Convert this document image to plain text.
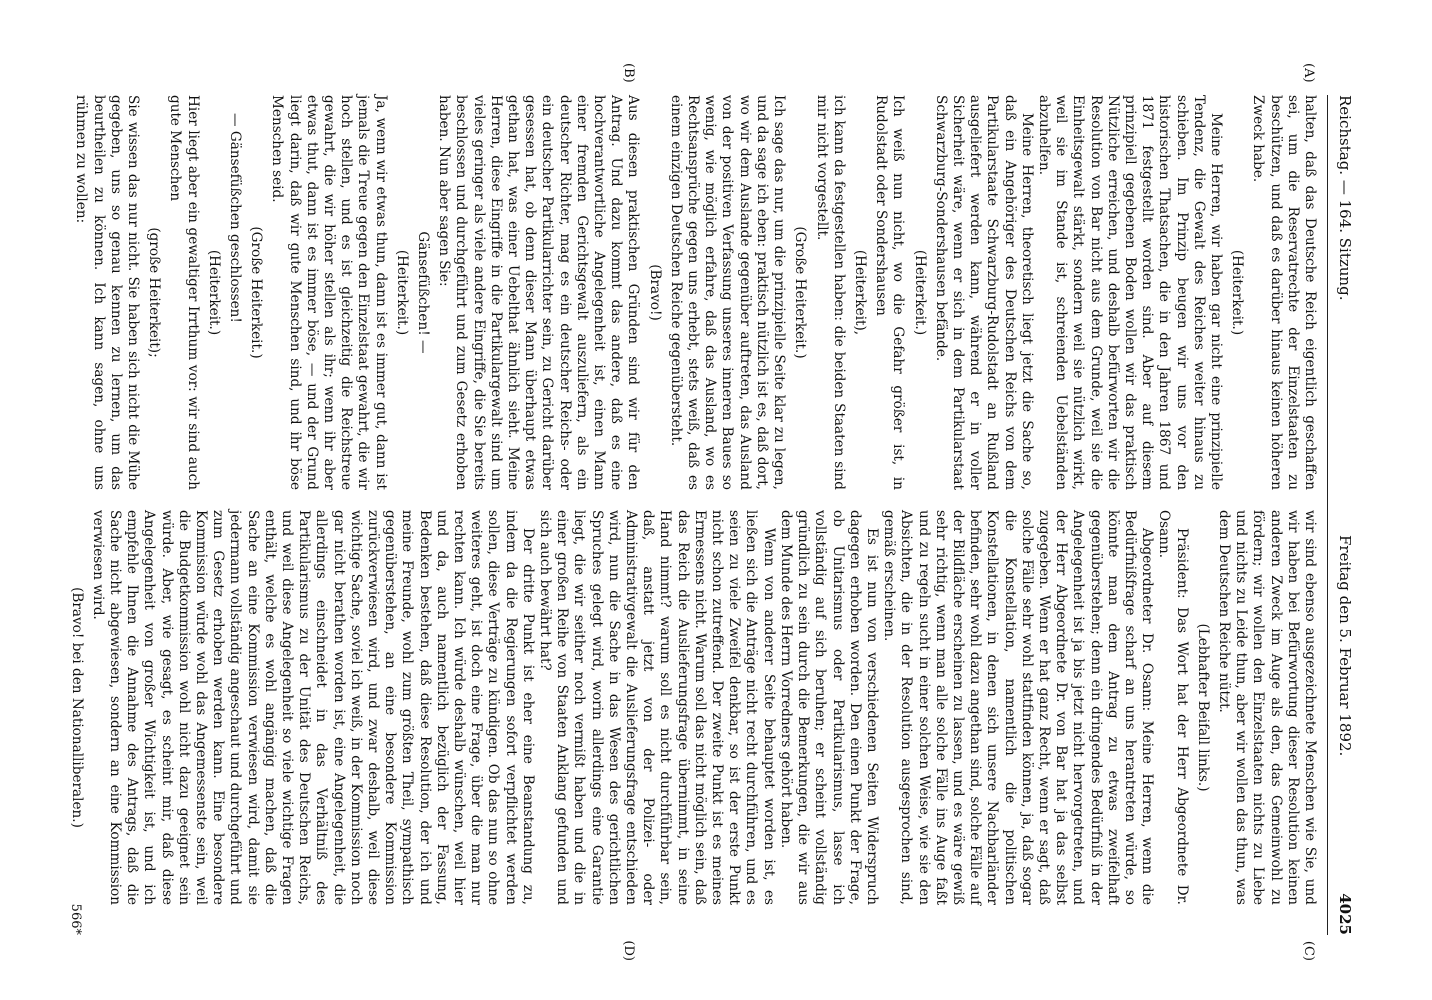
Reichstag. — 164. Sitzung.
Freitag den 5. Februar 1892.
4025
(A)
(B)
(C)
(D)

halten, daß das Deutsche Reich eigentlich geschaffen sei, um die Reservatrechte der Einzelstaaten zu beschützen, und daß es darüber hinaus keinen höheren Zweck habe.

(Heiterkeit.)

Meine Herren, wir haben gar nicht eine prinzipielle Tendenz, die Gewalt des Reiches weiter hinaus zu schieben. Im Prinzip beugen wir uns vor den historischen Thatsachen, die in den Jahren 1867 und 1871 festgestellt worden sind. Aber auf diesem prinzipiell gegebenen Boden wollen wir das praktisch Nützliche erreichen, und deshalb befürworten wir die Resolution von Bar nicht aus dem Grunde, weil sie die Einheitsgewalt stärkt, sondern weil sie nützlich wirkt, weil sie im Stande ist, schreienden Uebelständen abzuhelfen.

Meine Herren, theoretisch liegt jetzt die Sache so, daß ein Angehöriger des Deutschen Reichs von dem Partikularstaate Schwarzburg-Rudolstadt an Rußland ausgeliefert werden kann, während er in voller Sicherheit wäre, wenn er sich in dem Partikularstaat Schwarzburg-Sondershausen befände.

(Heiterkeit.)

Ich weiß nun nicht, wo die Gefahr größer ist, in Rudolstadt oder Sondershausen

(Heiterkeit),

ich kann da festgestellen haben: die beiden Staaten sind mir nicht vorgestellt.

(Große Heiterkeit.)

Ich sage das nur, um die prinzipielle Seite klar zu legen, und da sage ich eben: praktisch nützlich ist es, daß dort, wo wir dem Auslande gegenüber auftreten, das Ausland von der positiven Verfassung unseres inneren Baues so wenig, wie möglich erfahre, daß das Ausland, wo es Rechtsansprüche gegen uns erhebt, stets weiß, daß es einem einzigen Deutschen Reiche gegenübersteht.

(Bravo!)

Aus diesen praktischen Gründen sind wir für den Antrag. Und dazu kommt das andere, daß es eine hochverantwortliche Angelegenheit ist, einen Mann einer fremden Gerichtsgewalt auszuliefern, als ein deutscher Richter, mag es ein deutscher Reichs- oder ein deutscher Partikularrichter sein, zu Gericht darüber gesessen hat, ob denn dieser Mann überhaupt etwas gethan hat, was einer Uebelthat ähnlich sieht. Meine Herren, diese Eingriffe in die Partikulargewalt sind um vieles geringer als viele andere Eingriffe, die Sie bereits beschlossen und durchgeführt und zum Gesetz erhoben haben. Nun aber sagen Sie:

Gänsefüßchen! —

(Heiterkeit.)

Ja, wenn wir etwas thun, dann ist es immer gut, dann ist jemals die Treue gegen den Einzelstaat gewahrt, die wir hoch stellen, und es ist gleichzeitig die Reichstreue gewahrt, die wir höher stellen als ihr; wenn ihr aber etwas thut, dann ist es immer böse, — und der Grund liegt darin, daß wir gute Menschen sind, und ihr böse Menschen seid.

(Große Heiterkeit.)

— Gänsefüßchen geschlossen!

(Heiterkeit.)

Hier liegt aber ein gewaltiger Irrthum vor: wir sind auch gute Menschen

(große Heiterkeit);

Sie wissen das nur nicht. Sie haben sich nicht die Mühe gegeben, uns so genau kennen zu lernen, um das beurtheilen zu können. Ich kann sagen, ohne uns rühmen zu wollen:

wir sind ebenso ausgezeichnete Menschen wie Sie, und wir haben bei Befürwortung dieser Resolution keinen anderen Zweck im Auge als den, das Gemeinwohl zu fördern; wir wollen den Einzelstaaten nichts zu Liebe und nichts zu Leide thun, aber wir wollen das thun, was dem Deutschen Reiche nützt.

(Lebhafter Beifall links.)

Präsident: Das Wort hat der Herr Abgeordnete Dr. Osann.

Abgeordneter Dr. Osann: Meine Herren, wenn die Bedürfnißfrage scharf an uns herantreten würde, so könnte man dem Antrag zu etwas zweifelhaft gegenüberstehen; denn ein dringendes Bedürfniß in der Angelegenheit ist ja bis jetzt nicht hervorgetreten, und der Herr Abgeordnete Dr. von Bar hat ja das selbst zugegeben. Wenn er hat ganz Recht, wenn er sagt, daß solche Fälle sehr wohl stattfinden können, ja, daß sogar die Konstellation, namentlich die politischen Konstellationen, in denen sich unsere Nachbarländer befinden, sehr wohl dazu angethan sind, solche Fälle auf der Bildfläche erscheinen zu lassen, und es wäre gewiß sehr richtig, wenn man alle solche Fälle ins Auge faßt und zu regeln sucht in einer solchen Weise, wie sie den Absichten, die in der Resolution ausgesprochen sind, gemäß erscheinen.

Es ist nun von verschiedenen Seiten Widerspruch dagegen erhoben worden. Den einen Punkt der Frage, ob Unitarismus oder Partikularismus, lasse ich vollständig auf sich beruhen; er scheint vollständig gründlich zu sein durch die Bemerkungen, die wir aus dem Munde des Herrn Vorredners gehört haben.

Wenn von anderer Seite behauptet worden ist, es ließen sich die Anträge nicht recht durchführen, und es seien zu viele Zweifel denkbar, so ist der erste Punkt nicht schon zutreffend. Der zweite Punkt ist es meines Ermessens nicht. Warum soll das nicht möglich sein, daß das Reich die Auslieferungsfrage übernimmt, in seine Hand nimmt? warum soll es nicht durchführbar sein, daß, anstatt jetzt von der Polizei- oder Administrativgewalt die Auslieferungsfrage entschieden wird, nun die Sache in das Wesen des gerichtlichen Spruches gelegt wird, worin allerdings eine Garantie liegt, die wir seither noch vermißt haben und die in einer großen Reihe von Staaten Anklang gefunden und sich auch bewährt hat?

Der dritte Punkt ist eher eine Beanstandung zu, indem da die Regierungen sofort verpflichtet werden sollen, diese Verträge zu kündigen. Ob das nun so ohne weiteres geht, ist doch eine Frage, über die man nur rechten kann. Ich würde deshalb wünschen, weil hier und da, auch namentlich bezüglich der Fassung, Bedenken bestehen, daß diese Resolution, der ich und meine Freunde, wohl zum größten Theil, sympathisch gegenüberstehen, an eine besondere Kommission zurückverwiesen wird, und zwar deshalb, weil diese wichtige Sache, soviel ich weiß, in der Kommission noch gar nicht berathen worden ist, eine Angelegenheit, die allerdings einschneidet in das Verhältniß des Partikularismus zu der Unität des Deutschen Reichs, und weil diese Angelegenheit so viele wichtige Fragen enthält, welche es wohl angängig machen, daß die Sache an eine Kommission verwiesen wird, damit sie jedermann vollständig angeschaut und durchgeführt und zum Gesetz erhoben werden kann. Eine besondere Kommission würde wohl das Angemessenste sein, weil die Budgetkommission wohl nicht dazu geeignet sein würde. Aber, wie gesagt, es scheint mir, daß diese Angelegenheit von großer Wichtigkeit ist, und ich empfehle Ihnen die Annahme des Antrags, daß die Sache nicht abgewiesen, sondern an eine Kommission verwiesen wird.

(Bravo! bei den Nationalliberalen.)

566*
